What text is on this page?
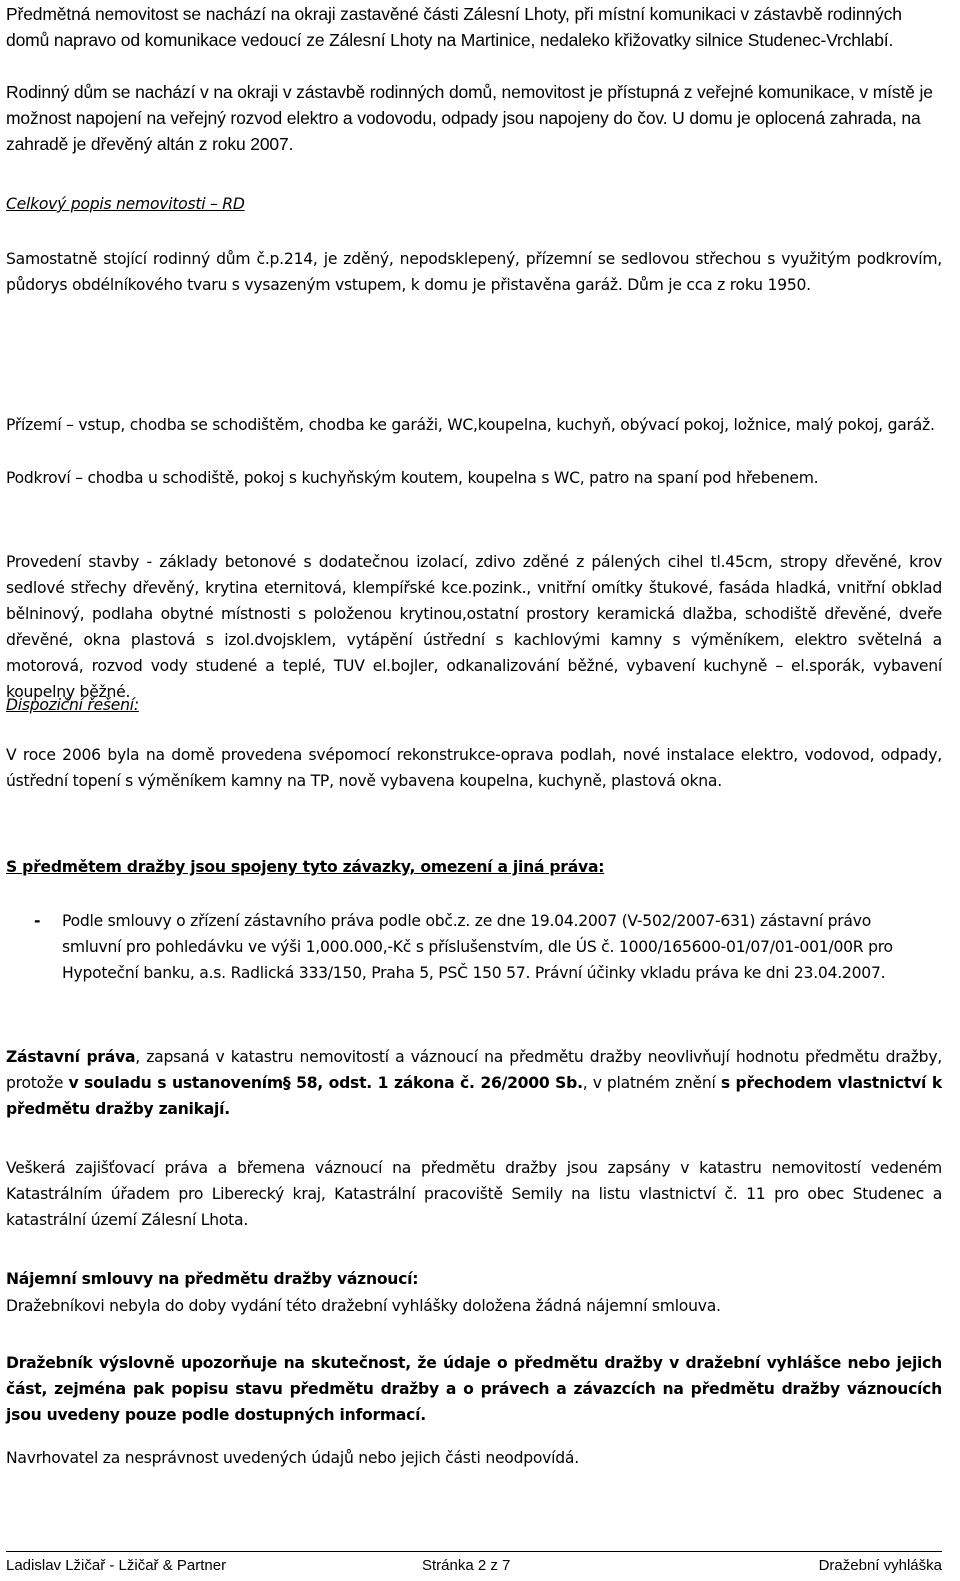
Předmětná nemovitost se nachází na okraji zastavěné části Zálesní Lhoty, při místní komunikaci v zástavbě rodinných domů napravo od komunikace vedoucí ze Zálesní Lhoty na Martinice, nedaleko křižovatky silnice Studenec-Vrchlabí.

Rodinný dům se nachází v na okraji v zástavbě rodinných domů, nemovitost je přístupná z veřejné komunikace, v místě je možnost napojení na veřejný rozvod elektro a vodovodu, odpady jsou napojeny do čov. U domu je oplocená zahrada, na zahradě je dřevěný altán z roku 2007.

Celkový popis nemovitosti – RD

Samostatně stojící rodinný dům č.p.214, je zděný, nepodsklepený, přízemní se sedlovou střechou s využitým podkrovím, půdorys obdélníkového tvaru s vysazeným vstupem, k domu je přistavěna garáž. Dům je cca z roku 1950.

Dispoziční řešení:

Přízemí – vstup, chodba se schodištěm, chodba ke garáži, WC,koupelna, kuchyň, obývací pokoj, ložnice, malý pokoj, garáž.

Podkroví – chodba u schodiště, pokoj s kuchyňským koutem, koupelna s WC, patro na spaní pod hřebenem.

Provedení stavby - základy betonové s dodatečnou izolací, zdivo zděné z pálených cihel tl.45cm, stropy dřevěné, krov sedlové střechy dřevěný, krytina eternitová, klempířské kce.pozink., vnitřní omítky štukové, fasáda hladká, vnitřní obklad bělninový, podlaha obytné místnosti s položenou krytinou,ostatní prostory keramická dlažba, schodiště dřevěné, dveře dřevěné, okna plastová s izol.dvojsklem, vytápění ústřední s kachlovými kamny s výměníkem, elektro světelná a motorová, rozvod vody studené a teplé, TUV el.bojler, odkanalizování běžné, vybavení kuchyně – el.sporák, vybavení koupelny běžné.

V roce 2006 byla na domě provedena svépomocí rekonstrukce-oprava podlah, nové instalace elektro, vodovod, odpady, ústřední topení s výměníkem kamny na TP, nově vybavena koupelna, kuchyně, plastová okna.

S předmětem dražby jsou spojeny tyto závazky, omezení a jiná práva:

- Podle smlouvy o zřízení zástavního práva podle obč.z. ze dne 19.04.2007 (V-502/2007-631) zástavní právo smluvní pro pohledávku ve výši 1,000.000,-Kč s příslušenstvím, dle ÚS č. 1000/165600-01/07/01-001/00R pro Hypoteční banku, a.s. Radlická 333/150, Praha 5, PSČ 150 57. Právní účinky vkladu práva ke dni 23.04.2007.

Zástavní práva, zapsaná v katastru nemovitostí a váznoucí na předmětu dražby neovlivňují hodnotu předmětu dražby, protože v souladu s ustanovením§ 58, odst. 1 zákona č. 26/2000 Sb., v platném znění s přechodem vlastnictví k předmětu dražby zanikají.

Veškerá zajišťovací práva a břemena váznoucí na předmětu dražby jsou zapsány v katastru nemovitostí vedeném Katastrálním úřadem pro Liberecký kraj, Katastrální pracoviště Semily na listu vlastnictví č. 11 pro obec Studenec a katastrální území Zálesní Lhota.

Nájemní smlouvy na předmětu dražby váznoucí:

Dražebníkovi nebyla do doby vydání této dražební vyhlášky doložena žádná nájemní smlouva.

Dražebník výslovně upozorňuje na skutečnost, že údaje o předmětu dražby v dražební vyhlášce nebo jejich část, zejména pak popisu stavu předmětu dražby a o právech a závazcích na předmětu dražby váznoucích jsou uvedeny pouze podle dostupných informací.

Navrhovatel za nesprávnost uvedených údajů nebo jejich části neodpovídá.

Ladislav Lžičař - Lžičař & Partner	Stránka 2 z 7	Dražební vyhláška
